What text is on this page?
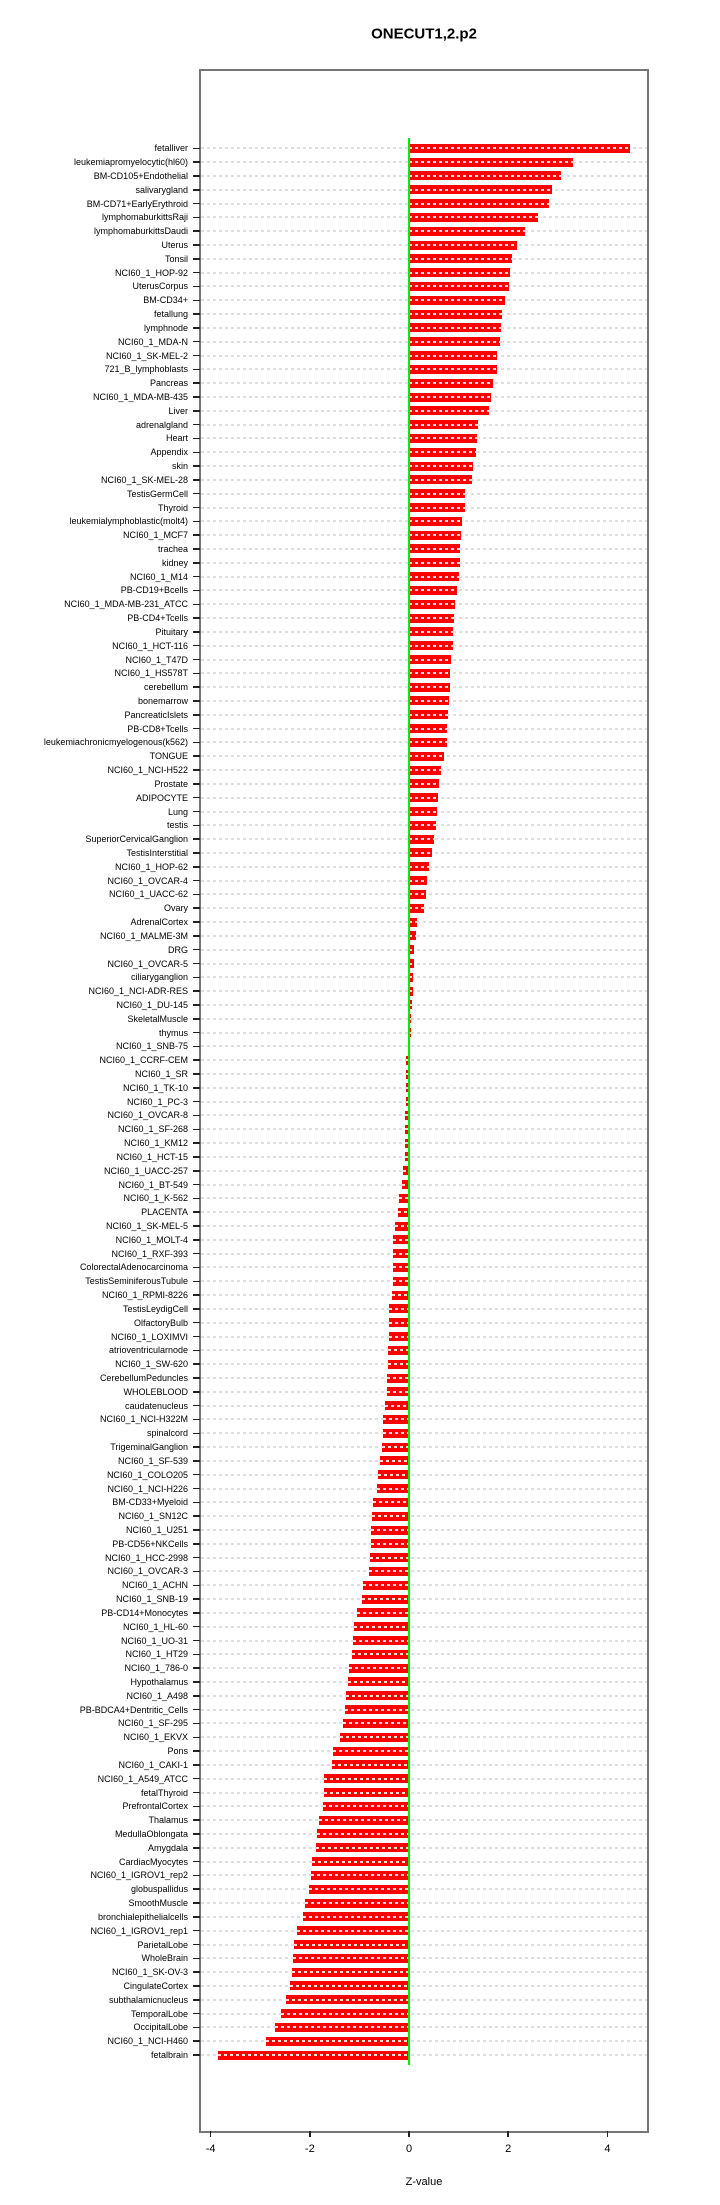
ONECUT1,2.p2
fetalliver
leukemiapromyelocytic(hl60)
BM-CD105+Endothelial
salivarygland
BM-CD71+EarlyErythroid
lymphomaburkittsRaji
lymphomaburkittsDaudi
Uterus
Tonsil
NCI60_1_HOP-92
UterusCorpus
BM-CD34+
fetallung
lymphnode
NCI60_1_MDA-N
NCI60_1_SK-MEL-2
721_B_lymphoblasts
Pancreas
NCI60_1_MDA-MB-435
Liver
adrenalgland
Heart
Appendix
skin
NCI60_1_SK-MEL-28
TestisGermCell
Thyroid
leukemialymphoblastic(molt4)
NCI60_1_MCF7
trachea
kidney
NCI60_1_M14
PB-CD19+Bcells
NCI60_1_MDA-MB-231_ATCC
PB-CD4+Tcells
Pituitary
NCI60_1_HCT-116
NCI60_1_T47D
NCI60_1_HS578T
cerebellum
bonemarrow
PancreaticIslets
PB-CD8+Tcells
leukemiachronicmyelogenous(k562)
TONGUE
NCI60_1_NCI-H522
Prostate
ADIPOCYTE
Lung
testis
SuperiorCervicalGanglion
TestisInterstitial
NCI60_1_HOP-62
NCI60_1_OVCAR-4
NCI60_1_UACC-62
Ovary
AdrenalCortex
NCI60_1_MALME-3M
DRG
NCI60_1_OVCAR-5
ciliaryganglion
NCI60_1_NCI-ADR-RES
NCI60_1_DU-145
SkeletalMuscle
thymus
NCI60_1_SNB-75
NCI60_1_CCRF-CEM
NCI60_1_SR
NCI60_1_TK-10
NCI60_1_PC-3
NCI60_1_OVCAR-8
NCI60_1_SF-268
NCI60_1_KM12
NCI60_1_HCT-15
NCI60_1_UACC-257
NCI60_1_BT-549
NCI60_1_K-562
PLACENTA
NCI60_1_SK-MEL-5
NCI60_1_MOLT-4
NCI60_1_RXF-393
ColorectalAdenocarcinoma
TestisSeminiferousTubule
NCI60_1_RPMI-8226
TestisLeydigCell
OlfactoryBulb
NCI60_1_LOXIMVI
atrioventricularnode
NCI60_1_SW-620
CerebellumPeduncles
WHOLEBLOOD
caudatenucleus
NCI60_1_NCI-H322M
spinalcord
TrigeminalGanglion
NCI60_1_SF-539
NCI60_1_COLO205
NCI60_1_NCI-H226
BM-CD33+Myeloid
NCI60_1_SN12C
NCI60_1_U251
PB-CD56+NKCells
NCI60_1_HCC-2998
NCI60_1_OVCAR-3
NCI60_1_ACHN
NCI60_1_SNB-19
PB-CD14+Monocytes
NCI60_1_HL-60
NCI60_1_UO-31
NCI60_1_HT29
NCI60_1_786-0
Hypothalamus
NCI60_1_A498
PB-BDCA4+Dentritic_Cells
NCI60_1_SF-295
NCI60_1_EKVX
Pons
NCI60_1_CAKI-1
NCI60_1_A549_ATCC
fetalThyroid
PrefrontalCortex
Thalamus
MedullaOblongata
Amygdala
CardiacMyocytes
NCI60_1_IGROV1_rep2
globuspallidus
SmoothMuscle
bronchialepithelialcells
NCI60_1_IGROV1_rep1
ParietalLobe
WholeBrain
NCI60_1_SK-OV-3
CingulateCortex
subthalamicnucleus
TemporalLobe
OccipitalLobe
NCI60_1_NCI-H460
fetalbrain
-4	-2	0	2	4
Z-value
